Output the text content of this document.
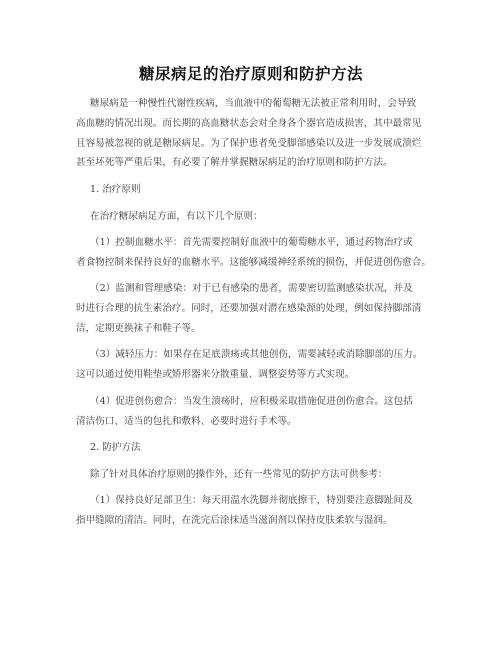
糖尿病足的治疗原则和防护方法
糖尿病是一种慢性代谢性疾病，当血液中的葡萄糖无法被正常利用时，会导致
高血糖的情况出现。而长期的高血糖状态会对全身各个器官造成损害，其中最常见
且容易被忽视的就是糖尿病足。为了保护患者免受脚部感染以及进一步发展成溃烂
甚至坏死等严重后果，有必要了解并掌握糖尿病足的治疗原则和防护方法。
1. 治疗原则
在治疗糖尿病足方面，有以下几个原则：
（1）控制血糖水平：首先需要控制好血液中的葡萄糖水平，通过药物治疗或
者食物控制来保持良好的血糖水平。这能够减缓神经系统的损伤，并促进创伤愈合。
（2）监测和管理感染：对于已有感染的患者，需要密切监测感染状况，并及
时进行合理的抗生素治疗。同时，还要加强对潜在感染源的处理，例如保持脚部清
洁，定期更换袜子和鞋子等。
（3）减轻压力：如果存在足底溃疡或其他创伤，需要减轻或消除脚部的压力。
这可以通过使用鞋垫或矫形器来分散重量、调整姿势等方式实现。
（4）促进创伤愈合：当发生溃疡时，应积极采取措施促进创伤愈合。这包括
清洁伤口、适当的包扎和敷料、必要时进行手术等。
2. 防护方法
除了针对具体治疗原则的操作外，还有一些常见的防护方法可供参考：
（1）保持良好足部卫生：每天用温水洗脚并彻底擦干，特别要注意脚趾间及
指甲缝隙的清洁。同时，在洗完后涂抹适当滋润剂以保持皮肤柔软与湿润。
